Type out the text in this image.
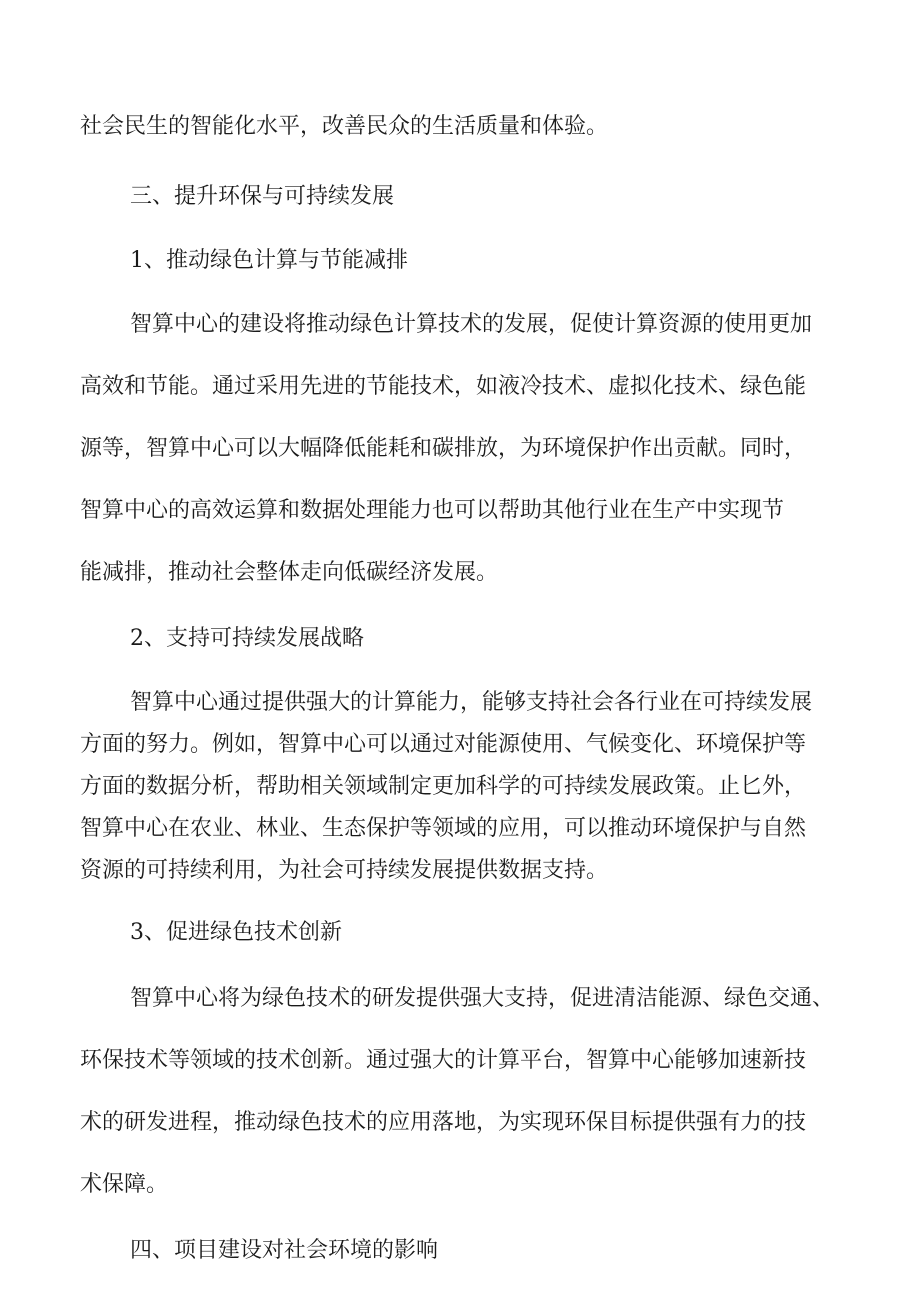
社会民生的智能化水平，改善民众的生活质量和体验。
三、提升环保与可持续发展
1、推动绿色计算与节能减排
智算中心的建设将推动绿色计算技术的发展，促使计算资源的使用更加
高效和节能。通过采用先进的节能技术，如液冷技术、虚拟化技术、绿色能
源等，智算中心可以大幅降低能耗和碳排放，为环境保护作出贡献。同时，
智算中心的高效运算和数据处理能力也可以帮助其他行业在生产中实现节
能减排，推动社会整体走向低碳经济发展。
2、支持可持续发展战略
智算中心通过提供强大的计算能力，能够支持社会各行业在可持续发展
方面的努力。例如，智算中心可以通过对能源使用、气候变化、环境保护等
方面的数据分析，帮助相关领域制定更加科学的可持续发展政策。止匕外，
智算中心在农业、林业、生态保护等领域的应用，可以推动环境保护与自然
资源的可持续利用，为社会可持续发展提供数据支持。
3、促进绿色技术创新
智算中心将为绿色技术的研发提供强大支持，促进清洁能源、绿色交通、
环保技术等领域的技术创新。通过强大的计算平台，智算中心能够加速新技
术的研发进程，推动绿色技术的应用落地，为实现环保目标提供强有力的技
术保障。
四、项目建设对社会环境的影响
